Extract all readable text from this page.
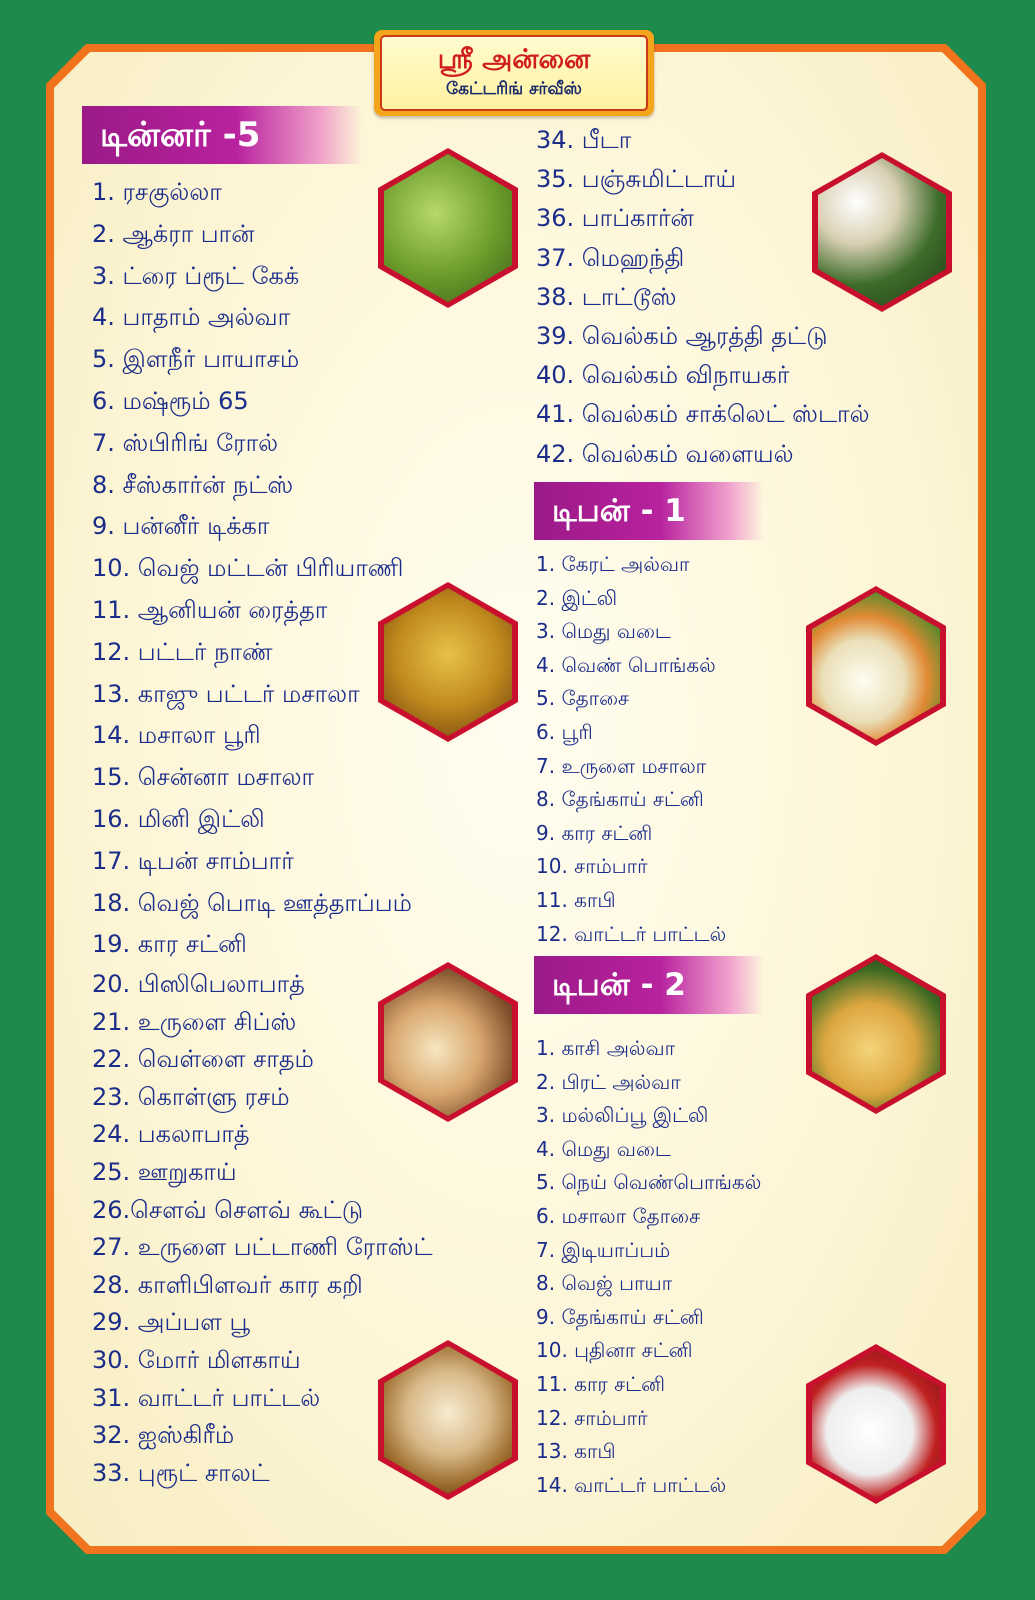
ஸ்ரீ அன்னை
கேட்டரிங் சர்வீஸ்
டின்னர் -5
1. ரசகுல்லா
2. ஆக்ரா பான்
3. ட்ரை ப்ரூட் கேக்
4. பாதாம் அல்வா
5. இளநீர் பாயாசம்
6. மஷ்ரூம் 65
7. ஸ்பிரிங் ரோல்
8. சீஸ்கார்ன் நட்ஸ்
9. பன்னீர் டிக்கா
10. வெஜ் மட்டன் பிரியாணி
11. ஆனியன் ரைத்தா
12. பட்டர் நாண்
13. காஜு பட்டர் மசாலா
14. மசாலா பூரி
15. சென்னா மசாலா
16. மினி இட்லி
17. டிபன் சாம்பார்
18. வெஜ் பொடி ஊத்தாப்பம்
19. கார சட்னி
20. பிஸிபெலாபாத்
21. உருளை சிப்ஸ்
22. வெள்ளை சாதம்
23. கொள்ளு ரசம்
24. பகலாபாத்
25. ஊறுகாய்
26.சௌவ் சௌவ் கூட்டு
27. உருளை பட்டாணி ரோஸ்ட்
28. காளிபிளவர் கார கறி
29. அப்பள பூ
30. மோர் மிளகாய்
31. வாட்டர் பாட்டல்
32. ஐஸ்கிரீம்
33. புரூட் சாலட்
34. பீடா
35. பஞ்சுமிட்டாய்
36. பாப்கார்ன்
37. மெஹந்தி
38. டாட்டூஸ்
39. வெல்கம் ஆரத்தி தட்டு
40. வெல்கம் விநாயகர்
41. வெல்கம் சாக்லெட் ஸ்டால்
42. வெல்கம் வளையல்
டிபன் - 1
1. கேரட் அல்வா
2. இட்லி
3. மெது வடை
4. வெண் பொங்கல்
5. தோசை
6. பூரி
7. உருளை மசாலா
8. தேங்காய் சட்னி
9. கார சட்னி
10. சாம்பார்
11. காபி
12. வாட்டர் பாட்டல்
டிபன் - 2
1. காசி அல்வா
2. பிரட் அல்வா
3. மல்லிப்பூ இட்லி
4. மெது வடை
5. நெய் வெண்பொங்கல்
6. மசாலா தோசை
7. இடியாப்பம்
8. வெஜ் பாயா
9. தேங்காய் சட்னி
10. புதினா சட்னி
11. கார சட்னி
12. சாம்பார்
13. காபி
14. வாட்டர் பாட்டல்
